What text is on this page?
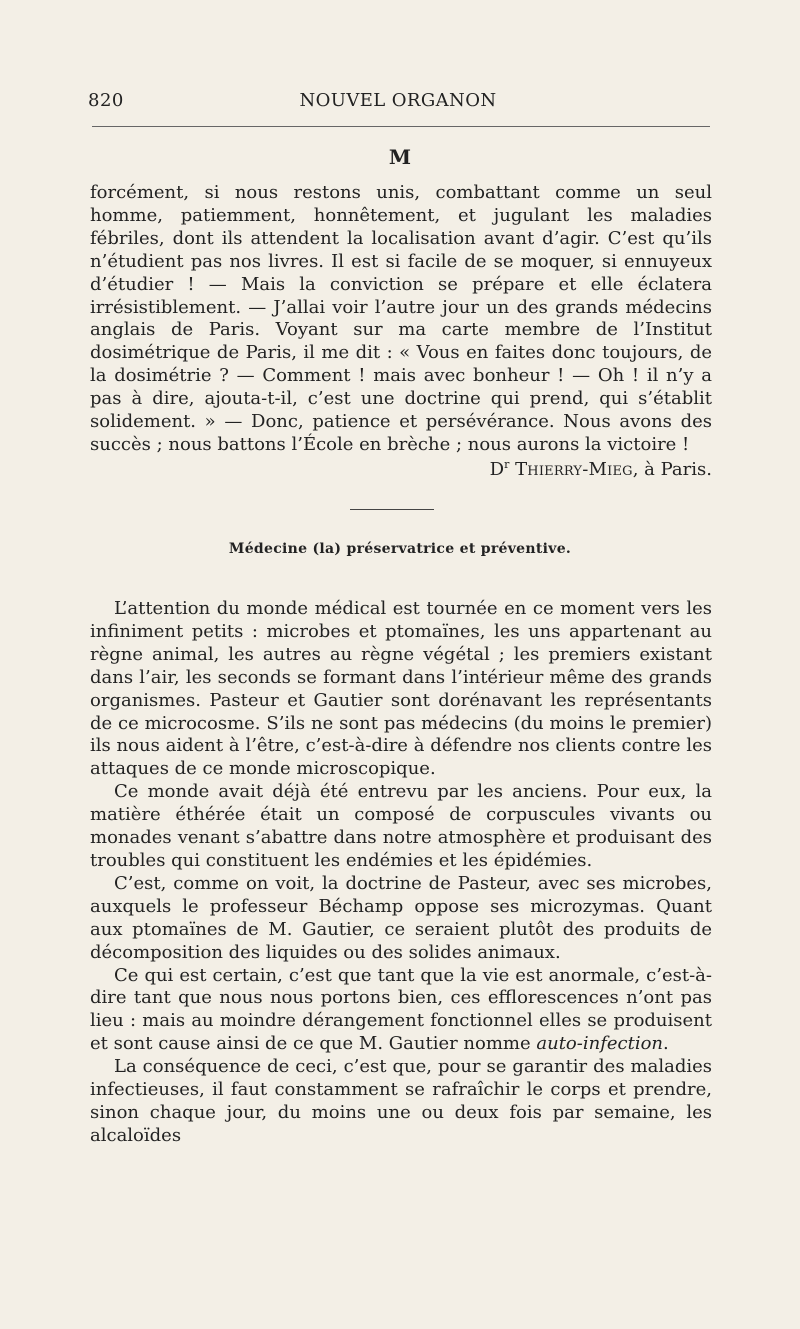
820	NOUVEL ORGANON
M

forcément, si nous restons unis, combattant comme un seul homme, patiemment, honnêtement, et jugulant les maladies fébriles, dont ils attendent la localisation avant d’agir. C’est qu’ils n’étudient pas nos livres. Il est si facile de se moquer, si ennuyeux d’étudier ! — Mais la conviction se prépare et elle éclatera irrésistiblement. — J’allai voir l’autre jour un des grands médecins anglais de Paris. Voyant sur ma carte membre de l’Institut dosimétrique de Paris, il me dit : « Vous en faites donc toujours, de la dosimétrie ? — Comment ! mais avec bonheur ! — Oh ! il n’y a pas à dire, ajouta-t-il, c’est une doctrine qui prend, qui s’établit solidement. » — Donc, patience et persévérance. Nous avons des succès ; nous battons l’École en brèche ; nous aurons la victoire !

$D^r$ Thierry-Mieg, à Paris.
Médecine (la) préservatrice et préventive.

L’attention du monde médical est tournée en ce moment vers les infiniment petits : microbes et ptomaïnes, les uns appartenant au règne animal, les autres au règne végétal ; les premiers existant dans l’air, les seconds se formant dans l’intérieur même des grands organismes. Pasteur et Gautier sont dorénavant les représentants de ce microcosme. S’ils ne sont pas médecins (du moins le premier) ils nous aident à l’être, c’est-à-dire à défendre nos clients contre les attaques de ce monde microscopique.

Ce monde avait déjà été entrevu par les anciens. Pour eux, la matière éthérée était un composé de corpuscules vivants ou monades venant s’abattre dans notre atmosphère et produisant des troubles qui constituent les endémies et les épidémies.

C’est, comme on voit, la doctrine de Pasteur, avec ses microbes, auxquels le professeur Béchamp oppose ses microzymas. Quant aux ptomaïnes de M. Gautier, ce seraient plutôt des produits de décomposition des liquides ou des solides animaux.

Ce qui est certain, c’est que tant que la vie est anormale, c’est-à-dire tant que nous nous portons bien, ces efflorescences n’ont pas lieu : mais au moindre dérangement fonctionnel elles se produisent et sont cause ainsi de ce que M. Gautier nomme auto-infection.

La conséquence de ceci, c’est que, pour se garantir des maladies infectieuses, il faut constamment se rafraîchir le corps et prendre, sinon chaque jour, du moins une ou deux fois par semaine, les alcaloïdes
